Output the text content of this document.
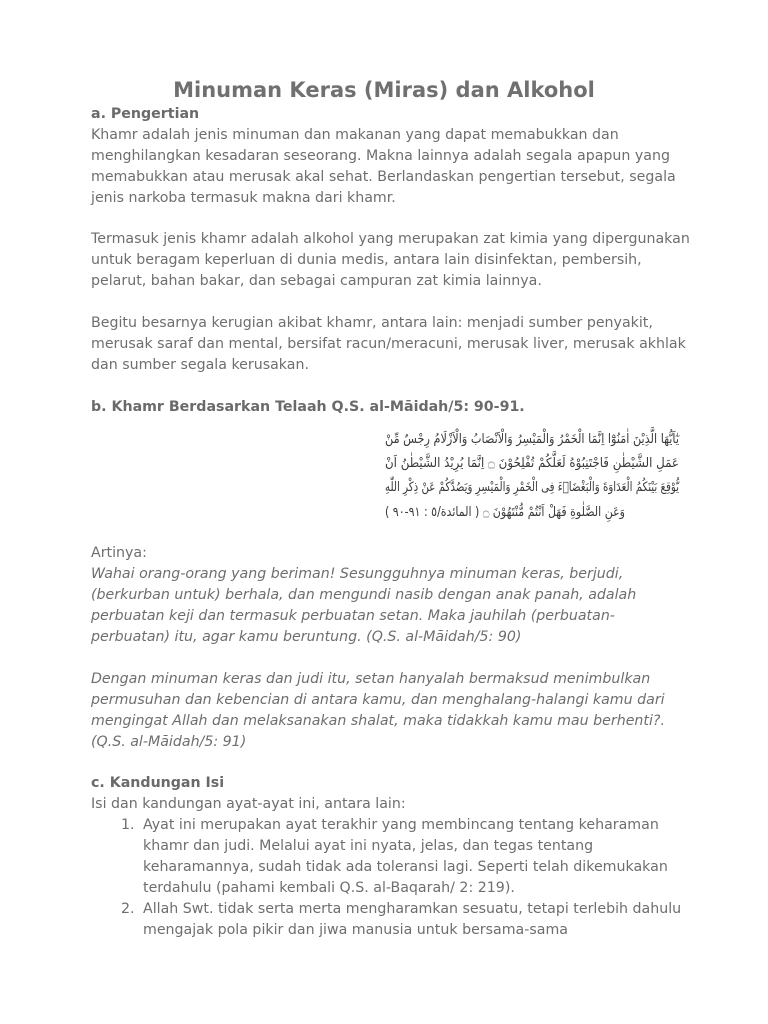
Minuman Keras (Miras) dan Alkohol

a. Pengertian

Khamr adalah jenis minuman dan makanan yang dapat memabukkan dan menghilangkan kesadaran seseorang. Makna lainnya adalah segala apapun yang memabukkan atau merusak akal sehat. Berlandaskan pengertian tersebut, segala jenis narkoba termasuk makna dari khamr.

Termasuk jenis khamr adalah alkohol yang merupakan zat kimia yang dipergunakan untuk beragam keperluan di dunia medis, antara lain disinfektan, pembersih, pelarut, bahan bakar, dan sebagai campuran zat kimia lainnya.

Begitu besarnya kerugian akibat khamr, antara lain: menjadi sumber penyakit, merusak saraf dan mental, bersifat racun/meracuni, merusak liver, merusak akhlak dan sumber segala kerusakan.

b. Khamr Berdasarkan Telaah Q.S. al-Māidah/5: 90-91.

يٰٓاَيُّهَا الَّذِيْنَ اٰمَنُوْٓا اِنَّمَا الْخَمْرُ وَالْمَيْسِرُ وَالْاَنْصَابُ وَالْاَزْلَامُ رِجْسٌ مِّنْ
عَمَلِ الشَّيْطٰنِ فَاجْتَنِبُوْهُ لَعَلَّكُمْ تُفْلِحُوْنَ ۝ اِنَّمَا يُرِيْدُ الشَّيْطٰنُ اَنْ
يُّوْقِعَ بَيْنَكُمُ الْعَدَاوَةَ وَالْبَغْضَاۤءَ فِى الْخَمْرِ وَالْمَيْسِرِ وَيَصُدَّكُمْ عَنْ ذِكْرِ اللّٰهِ
وَعَنِ الصَّلٰوةِ فَهَلْ اَنْتُمْ مُّنْتَهُوْنَ ۝ ( المائدة/٥ : ٩١-٩٠ )

Artinya:

Wahai orang-orang yang beriman! Sesungguhnya minuman keras, berjudi, (berkurban untuk) berhala, dan mengundi nasib dengan anak panah, adalah perbuatan keji dan termasuk perbuatan setan. Maka jauhilah (perbuatan-perbuatan) itu, agar kamu beruntung. (Q.S. al-Māidah/5: 90)

Dengan minuman keras dan judi itu, setan hanyalah bermaksud menimbulkan permusuhan dan kebencian di antara kamu, dan menghalang-halangi kamu dari mengingat Allah dan melaksanakan shalat, maka tidakkah kamu mau berhenti?. (Q.S. al-Māidah/5: 91)

c. Kandungan Isi

Isi dan kandungan ayat-ayat ini, antara lain:

1. Ayat ini merupakan ayat terakhir yang membincang tentang keharaman khamr dan judi. Melalui ayat ini nyata, jelas, dan tegas tentang keharamannya, sudah tidak ada toleransi lagi. Seperti telah dikemukakan terdahulu (pahami kembali Q.S. al-Baqarah/ 2: 219).
2. Allah Swt. tidak serta merta mengharamkan sesuatu, tetapi terlebih dahulu mengajak pola pikir dan jiwa manusia untuk bersama-sama
